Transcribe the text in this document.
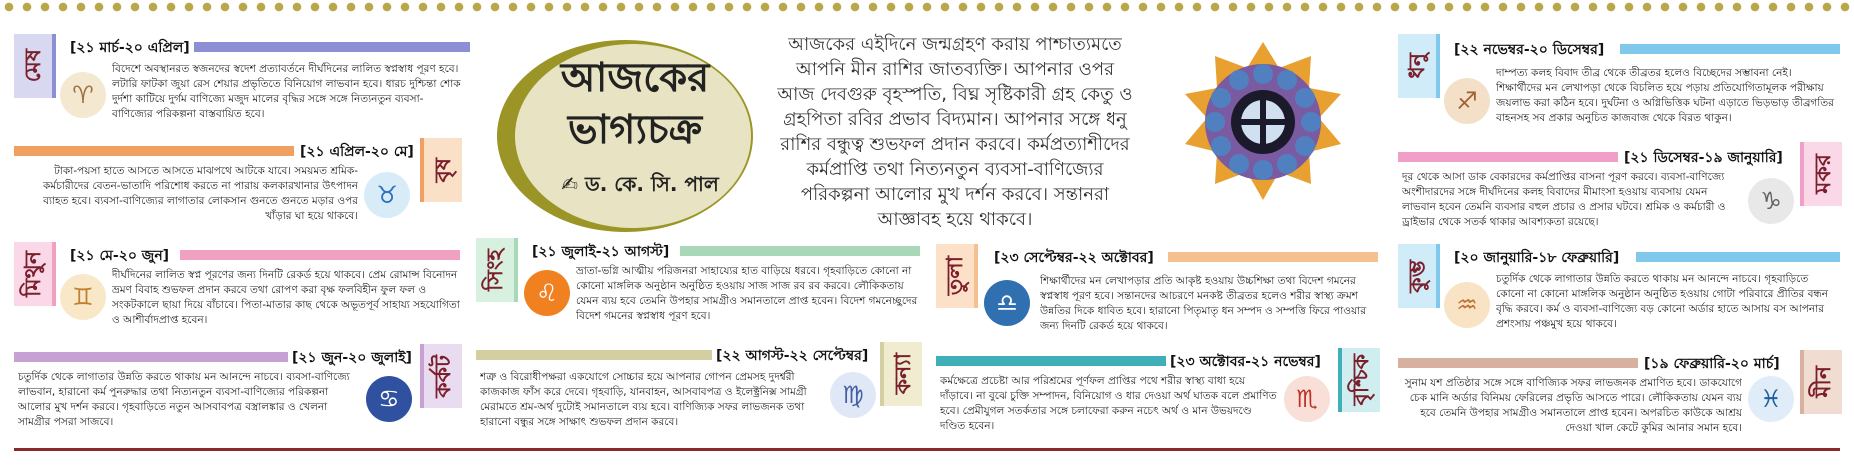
আজকের
ভাগ্যচক্র
✍ ড. কে. সি. পাল
আজকের এইদিনে জন্মগ্রহণ করায় পাশ্চাত্যমতে আপনি মীন রাশির জাতব্যক্তি। আপনার ওপর আজ দেবগুরু বৃহস্পতি, বিঘ্ন সৃষ্টিকারী গ্রহ কেতু ও গ্রহপিতা রবির প্রভাব বিদ্যমান। আপনার সঙ্গে ধনু রাশির বন্ধুত্ব শুভফল প্রদান করবে। কর্মপ্রত্যাশীদের কর্মপ্রাপ্তি তথা নিত্যনতুন ব্যবসা-বাণিজ্যের পরিকল্পনা আলোর মুখ দর্শন করবে। সন্তানরা আজ্ঞাবহ হয়ে থাকবে।
মেষ
[২১ মার্চ-২০ এপ্রিল]
♈
বিদেশে অবস্থানরত স্বজনদের স্বদেশ প্রত্যাবর্তনে দীর্ঘদিনের লালিত স্বপ্নস্বাধ পূরণ হবে। লটারি ফাটকা জুয়া রেস শেয়ার প্রভৃতিতে বিনিয়োগ লাভবান হবে। ধারচ দুশ্চিন্তা শোক দুর্দশা কাটিয়ে দুর্গম বাণিজ্যে মজুদ মালের বৃদ্ধির সঙ্গে সঙ্গে নিত্যনতুন ব্যবসা-বাণিজ্যের পরিকল্পনা বাস্তবায়িত হবে।
[২১ এপ্রিল-২০ মে]
বৃষ
টাকা-পয়সা হাতে আসতে আসতে মাঝপথে আটকে যাবে। সময়মত শ্রমিক-কর্মচারীদের বেতন-ভাতাদি পরিশোধ করতে না পারায় কলকারখানার উৎপাদন ব্যাহত হবে। ব্যবসা-বাণিজ্যের লাগাতার লোকসান গুনতে গুনতে মড়ার ওপর খাঁড়ার ঘা হয়ে থাকবে।
♉
মিথুন	[২১ মে-২০ জুন]
♊
দীর্ঘদিনের লালিত স্বপ্ন পূরণের জন্য দিনটি রেকর্ড হয়ে থাকবে। প্রেম রোমান্স বিনোদন ভ্রমণ বিবাহ শুভফল প্রদান করবে তথা রোপণ করা বৃক্ষ ফলবিহীন ফুল ফল ও সংকটকালে ছায়া দিয়ে বাঁচাবে। পিতা-মাতার কাছ থেকে অভূতপূর্ব সাহায্য সহযোগিতা ও আশীর্বাদপ্রাপ্ত হবেন।
[২১ জুন-২০ জুলাই] কর্কট
চতুর্দিক থেকে লাগাতার উন্নতি করতে থাকায় মন আনন্দে নাচবে। ব্যবসা-বাণিজ্যে লাভবান, হারানো কর্ম পুনরুদ্ধার তথা নিত্যনতুন ব্যবসা-বাণিজ্যের পরিকল্পনা আলোর মুখ দর্শন করবে। গৃহবাড়িতে নতুন আসবাবপত্র বস্ত্রালঙ্কার ও খেলনা সামগ্রীর পসরা সাজবে।
♋
সিংহ	[২১ জুলাই-২১ আগস্ট]
♌
ভ্রাতা-ভগ্নি আত্মীয় পরিজনরা সাহায্যের হাত বাড়িয়ে ধরবে। গৃহবাড়িতে কোনো না কোনো মাঙ্গলিক অনুষ্ঠান অনুষ্ঠিত হওয়ায় সাজ সাজ রব রব করবে। লৌকিকতায় যেমন ব্যয় হবে তেমনি উপহার সামগ্রীও সমানতালে প্রাপ্ত হবেন। বিদেশ গমনেচ্ছুদের বিদেশ গমনের স্বপ্নস্বাধ পূরণ হবে।
[২২ আগস্ট-২২ সেপ্টেম্বর] কন্যা
শত্রু ও বিরোধীপক্ষরা একযোগে সোচ্চার হয়ে আপনার গোপন প্রেমসহ দুদর্শ্বরী কাজকাজ ফাঁস করে দেবে। গৃহবাড়ি, যানবাহন, আসবাবপত্র ও ইলেক্ট্রনিক্স সামগ্রী মেরামতে শ্রম-অর্থ দুটোই সমানতালে ব্যয় হবে। বাণিজ্যিক সফর লাভজনক তথা হারানো বন্ধুর সঙ্গে সাক্ষাৎ শুভফল প্রদান করবে।
♍
তুলা	[২৩ সেপ্টেম্বর-২২ অক্টোবর]
♎
শিক্ষার্থীদের মন লেখাপড়ার প্রতি আকৃষ্ট হওয়ায় উচ্চশিক্ষা তথা বিদেশ গমনের স্বপ্নস্বাধ পূরণ হবে। সন্তানদের আচরণে মনকষ্ট তীব্রতর হলেও শরীর স্বাস্থ্য ক্রমশ উন্নতির দিকে ধাবিত হবে। হারানো পিতৃমাতৃ ধন সম্পদ ও সম্পত্তি ফিরে পাওয়ার জন্য দিনটি রেকর্ড হয়ে থাকবে।
[২৩ অক্টোবর-২১ নভেম্বর] বৃশ্চিক
কর্মক্ষেত্রে প্রচেষ্টা আর পরিশ্রমের পূর্ণফল প্রাপ্তির পথে শরীর স্বাস্থ্য বাধা হয়ে দাঁড়াবে। না বুঝে চুক্তি সম্পাদন, বিনিয়োগ ও ধার দেওয়া অর্থ ঘাতক বলে প্রমাণিত হবে। প্রেমীযুগল সতর্কতার সঙ্গে চলাফেরা করুন নচেৎ অর্থ ও মান উভয়দণ্ডে দণ্ডিত হবেন।
♏
ধনু
[২২ নভেম্বর-২০ ডিসেম্বর]
♐
দাম্পত্য কলহ বিবাদ তীব্র থেকে তীব্রতর হলেও বিচ্ছেদের সম্ভাবনা নেই। শিক্ষার্থীদের মন লেখাপড়া থেকে বিচলিত হয়ে পড়ায় প্রতিযোগিতামূলক পরীক্ষায় জয়লাভ করা কঠিন হবে। দুর্ঘটনা ও অগ্নিভিত্তিক ঘটনা এড়াতে ভিড়ভাড় তীব্রগতির বাহনসহ সব প্রকার অনুচিত কাজবাজ থেকে বিরত থাকুন।
[২১ ডিসেম্বর-১৯ জানুয়ারি] মকর
দূর থেকে আসা ডাক বেকারদের কর্মপ্রাপ্তির বাসনা পূরণ করবে। ব্যবসা-বাণিজ্যে অংশীদারদের সঙ্গে দীর্ঘদিনের কলহ বিবাদের মীমাংসা হওয়ায় ব্যবসায় যেমন লাভবান হবেন তেমনি ব্যবসার বহুল প্রচার ও প্রসার ঘটবে। শ্রমিক ও কর্মচারী ও ড্রাইভার থেকে সতর্ক থাকার আবশ্যকতা রয়েছে।
♑
কুম্ভ
[২০ জানুয়ারি-১৮ ফেব্রুয়ারি]
♒
চতুর্দিক থেকে লাগাতার উন্নতি করতে থাকায় মন আনন্দে নাচবে। গৃহবাড়িতে কোনো না কোনো মাঙ্গলিক অনুষ্ঠান অনুষ্ঠিত হওয়ায় গোটা পরিবারে প্রীতির বন্ধন বৃদ্ধি করবে। কর্ম ও ব্যবসা-বাণিজ্যে বড় কোনো অর্ডার হাতে আসায় বস আপনার প্রশংসায় পঞ্চমুখ হয়ে থাকবে।
[১৯ ফেব্রুয়ারি-২০ মার্চ]
মীন
সুনাম যশ প্রতিষ্ঠার সঙ্গে সঙ্গে বাণিজ্যিক সফর লাভজনক প্রমাণিত হবে। ডাকযোগে চেক মানি অর্ডার বিনিময় ফেরিলের প্রভৃতি আসতে পারে। লৌকিকতায় যেমন ব্যয় হবে তেমনি উপহার সামগ্রীও সমানতালে প্রাপ্ত হবেন। অপরচিত কাউকে আশ্রয় দেওয়া খাল কেটে কুমির আনার সমান হবে।
♓
